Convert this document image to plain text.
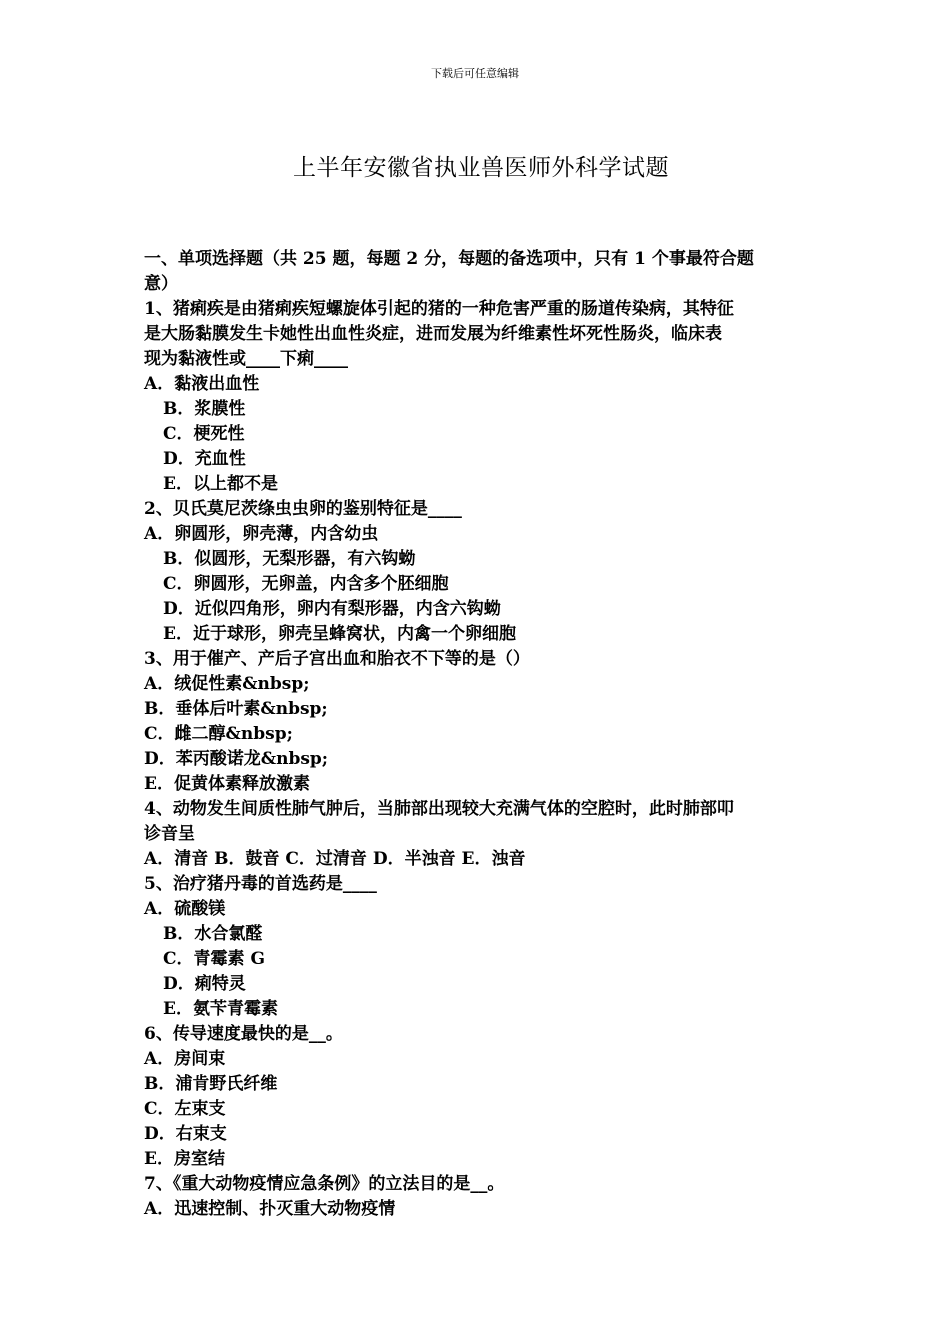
下载后可任意编辑
上半年安徽省执业兽医师外科学试题
一、单项选择题（共 25 题，每题 2 分，每题的备选项中，只有 1 个事最符合题
意）
1、猪痢疾是由猪痢疾短螺旋体引起的猪的一种危害严重的肠道传染病，其特征
是大肠黏膜发生卡她性出血性炎症，进而发展为纤维素性坏死性肠炎，临床表
现为黏液性或____下痢____
A．黏液出血性
B．浆膜性
C．梗死性
D．充血性
E．以上都不是
2、贝氏莫尼茨绦虫虫卵的鉴别特征是____
A．卵圆形，卵壳薄，内含幼虫
B．似圆形，无梨形器，有六钩蚴
C．卵圆形，无卵盖，内含多个胚细胞
D．近似四角形，卵内有梨形器，内含六钩蚴
E．近于球形，卵壳呈蜂窝状，内禽一个卵细胞
3、用于催产、产后子宫出血和胎衣不下等的是（）
A．绒促性素&nbsp;
B．垂体后叶素&nbsp;
C．雌二醇&nbsp;
D．苯丙酸诺龙&nbsp;
E．促黄体素释放激素
4、动物发生间质性肺气肿后，当肺部出现较大充满气体的空腔时，此时肺部叩
诊音呈
A．清音 B．鼓音 C．过清音 D．半浊音 E．浊音
5、治疗猪丹毒的首选药是____
A．硫酸镁
B．水合氯醛
C．青霉素 G
D．痢特灵
E．氨苄青霉素
6、传导速度最快的是__。
A．房间束
B．浦肯野氏纤维
C．左束支
D．右束支
E．房室结
7、《重大动物疫情应急条例》的立法目的是__。
A．迅速控制、扑灭重大动物疫情
